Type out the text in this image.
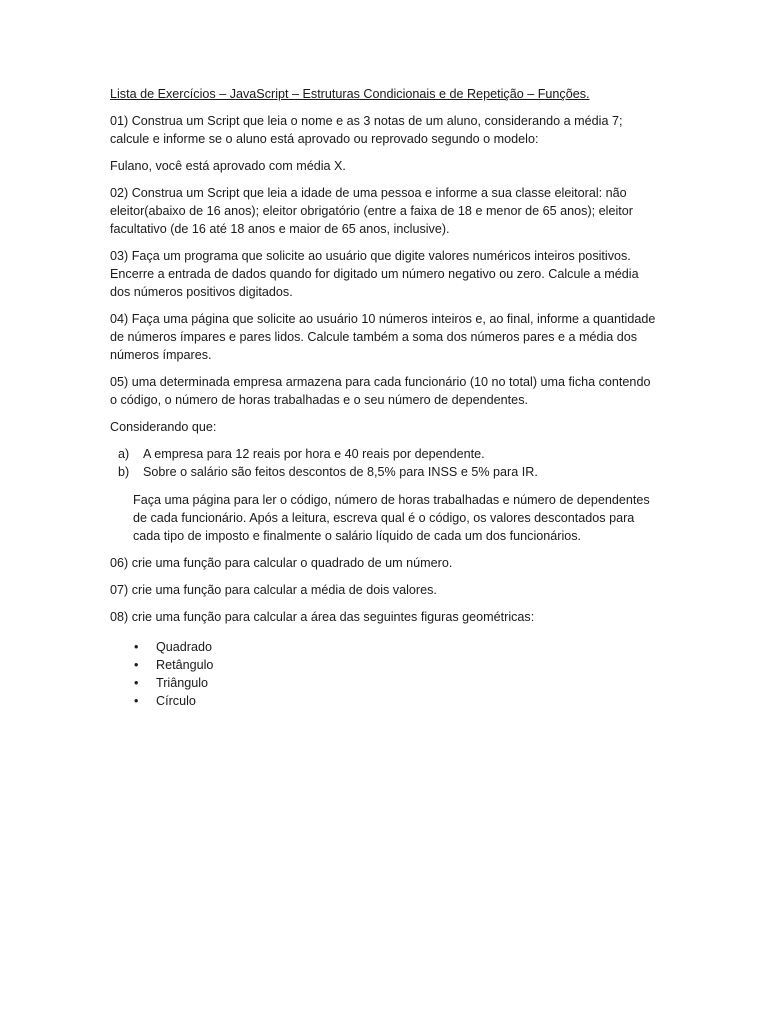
Lista de Exercícios – JavaScript – Estruturas Condicionais e de Repetição – Funções.

01) Construa um Script que leia o nome e as 3 notas de um aluno, considerando a média 7; calcule e informe se o aluno está aprovado ou reprovado segundo o modelo:

Fulano, você está aprovado com média X.

02) Construa um Script que leia a idade de uma pessoa e informe a sua classe eleitoral: não eleitor(abaixo de 16 anos); eleitor obrigatório (entre a faixa de 18 e menor de 65 anos); eleitor facultativo (de 16 até 18 anos e maior de 65 anos, inclusive).

03) Faça um programa que solicite ao usuário que digite valores numéricos inteiros positivos. Encerre a entrada de dados quando for digitado um número negativo ou zero. Calcule a média dos números positivos digitados.

04) Faça uma página que solicite ao usuário 10 números inteiros e, ao final, informe a quantidade de números ímpares e pares lidos. Calcule também a soma dos números pares e a média dos números ímpares.

05) uma determinada empresa armazena para cada funcionário (10 no total) uma ficha contendo o código, o número de horas trabalhadas e o seu número de dependentes.

Considerando que:

a)	A empresa para 12 reais por hora e 40 reais por dependente.
b)	Sobre o salário são feitos descontos de 8,5% para INSS e 5% para IR.

Faça uma página para ler o código, número de horas trabalhadas e número de dependentes de cada funcionário. Após a leitura, escreva qual é o código, os valores descontados para cada tipo de imposto e finalmente o salário líquido de cada um dos funcionários.

06) crie uma função para calcular o quadrado de um número.

07) crie uma função para calcular a média de dois valores.

08) crie uma função para calcular a área das seguintes figuras geométricas:

•	Quadrado
•	Retângulo
•	Triângulo
•	Círculo
